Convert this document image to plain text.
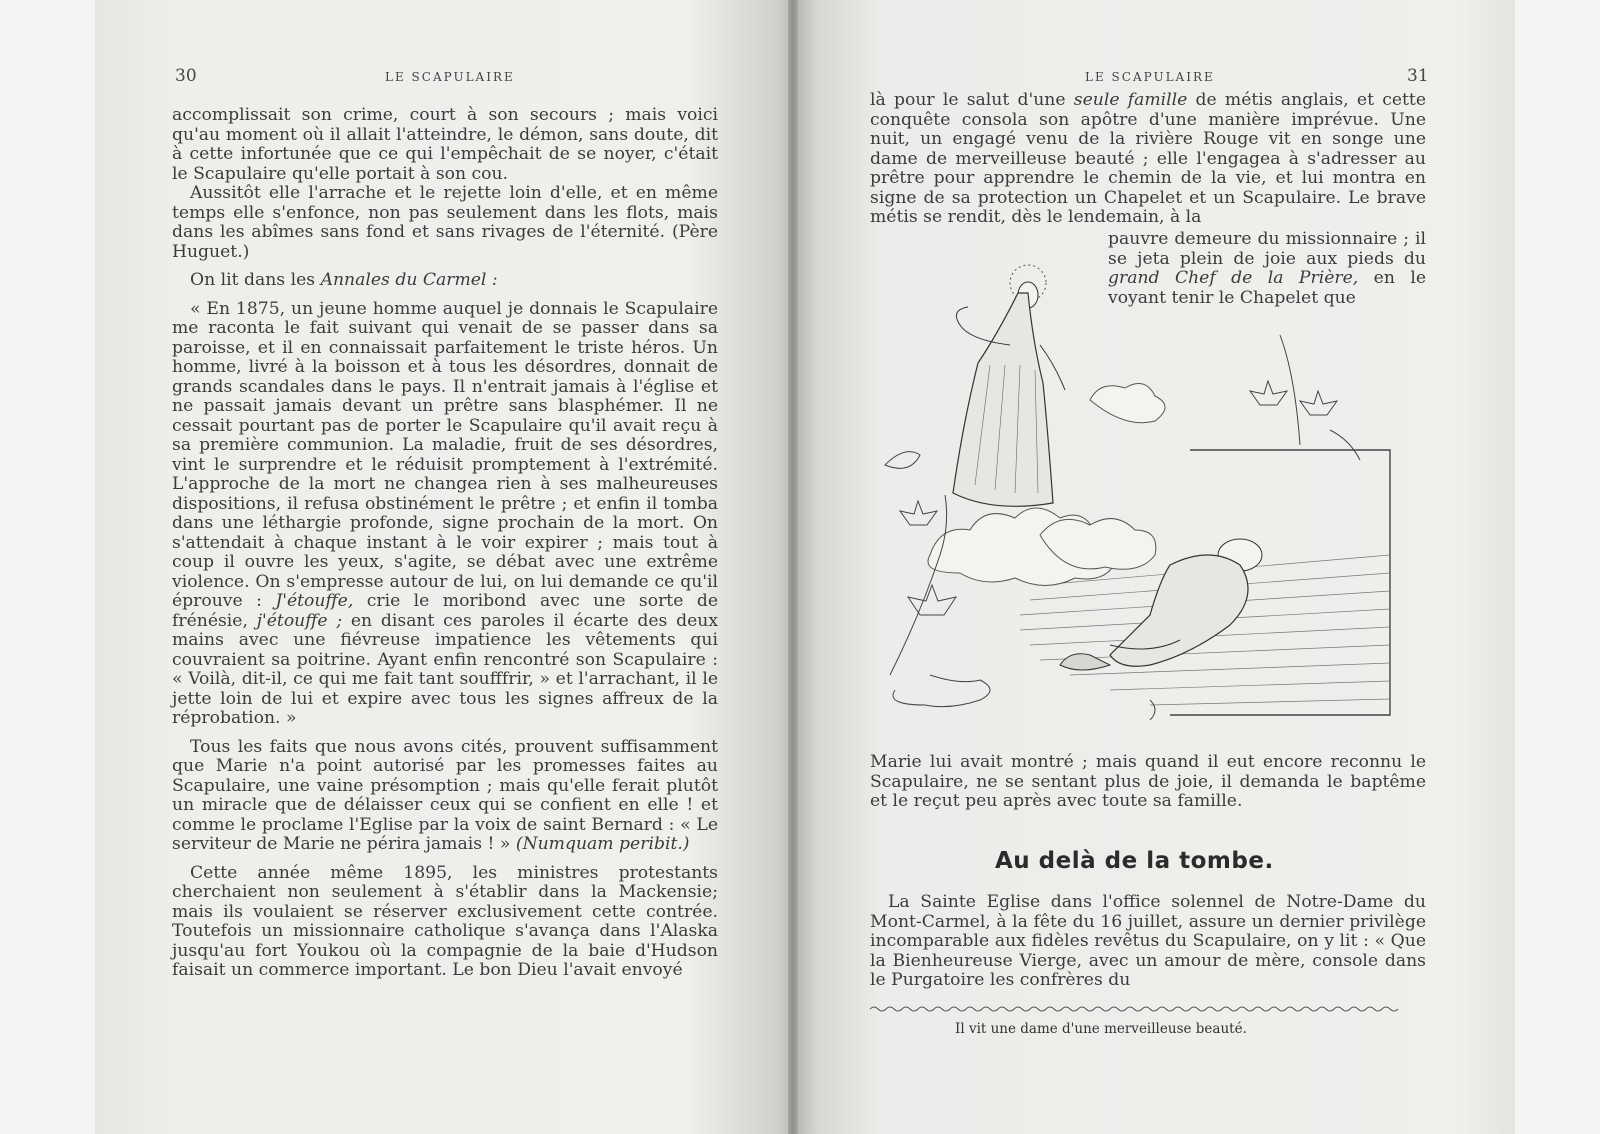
30	LE SCAPULAIRE

accomplissait son crime, court à son secours ; mais voici qu'au moment où il allait l'atteindre, le démon, sans doute, dit à cette infortunée que ce qui l'empêchait de se noyer, c'était le Scapulaire qu'elle portait à son cou.

Aussitôt elle l'arrache et le rejette loin d'elle, et en même temps elle s'enfonce, non pas seulement dans les flots, mais dans les abîmes sans fond et sans rivages de l'éternité. (Père Huguet.)

On lit dans les Annales du Carmel :

« En 1875, un jeune homme auquel je donnais le Scapulaire me raconta le fait suivant qui venait de se passer dans sa paroisse, et il en connaissait parfaitement le triste héros. Un homme, livré à la boisson et à tous les désordres, donnait de grands scandales dans le pays. Il n'entrait jamais à l'église et ne passait jamais devant un prêtre sans blasphémer. Il ne cessait pourtant pas de porter le Scapulaire qu'il avait reçu à sa première communion. La maladie, fruit de ses désordres, vint le surprendre et le réduisit promptement à l'extrémité. L'approche de la mort ne changea rien à ses malheureuses dispositions, il refusa obstinément le prêtre ; et enfin il tomba dans une léthargie profonde, signe prochain de la mort. On s'attendait à chaque instant à le voir expirer ; mais tout à coup il ouvre les yeux, s'agite, se débat avec une extrême violence. On s'empresse autour de lui, on lui demande ce qu'il éprouve : J'étouffe, crie le moribond avec une sorte de frénésie, j'étouffe ; en disant ces paroles il écarte des deux mains avec une fiévreuse impatience les vêtements qui couvraient sa poitrine. Ayant enfin rencontré son Scapulaire : « Voilà, dit-il, ce qui me fait tant soufffrir, » et l'arrachant, il le jette loin de lui et expire avec tous les signes affreux de la réprobation. »

Tous les faits que nous avons cités, prouvent suffisamment que Marie n'a point autorisé par les promesses faites au Scapulaire, une vaine présomption ; mais qu'elle ferait plutôt un miracle que de délaisser ceux qui se confient en elle ! et comme le proclame l'Eglise par la voix de saint Bernard : « Le serviteur de Marie ne périra jamais ! » (Numquam peribit.)

Cette année même 1895, les ministres protestants cherchaient non seulement à s'établir dans la Mackensie; mais ils voulaient se réserver exclusivement cette contrée. Toutefois un missionnaire catholique s'avança dans l'Alaska jusqu'au fort Youkou où la compagnie de la baie d'Hudson faisait un commerce important. Le bon Dieu l'avait envoyé

LE SCAPULAIRE	31

là pour le salut d'une seule famille de métis anglais, et cette conquête consola son apôtre d'une manière imprévue. Une nuit, un engagé venu de la rivière Rouge vit en songe une dame de merveilleuse beauté ; elle l'engagea à s'adresser au prêtre pour apprendre le chemin de la vie, et lui montra en signe de sa protection un Chapelet et un Scapulaire. Le brave métis se rendit, dès le lendemain, à la

pauvre demeure du missionnaire ; il se jeta plein de joie aux pieds du grand Chef de la Prière, en le voyant tenir le Chapelet que

Marie lui avait montré ; mais quand il eut encore reconnu le Scapulaire, ne se sentant plus de joie, il demanda le baptême et le reçut peu après avec toute sa famille.

Au delà de la tombe.

La Sainte Eglise dans l'office solennel de Notre-Dame du Mont-Carmel, à la fête du 16 juillet, assure un dernier privilège incomparable aux fidèles revêtus du Scapulaire, on y lit : « Que la Bienheureuse Vierge, avec un amour de mère, console dans le Purgatoire les confrères du

Il vit une dame d'une merveilleuse beauté.
